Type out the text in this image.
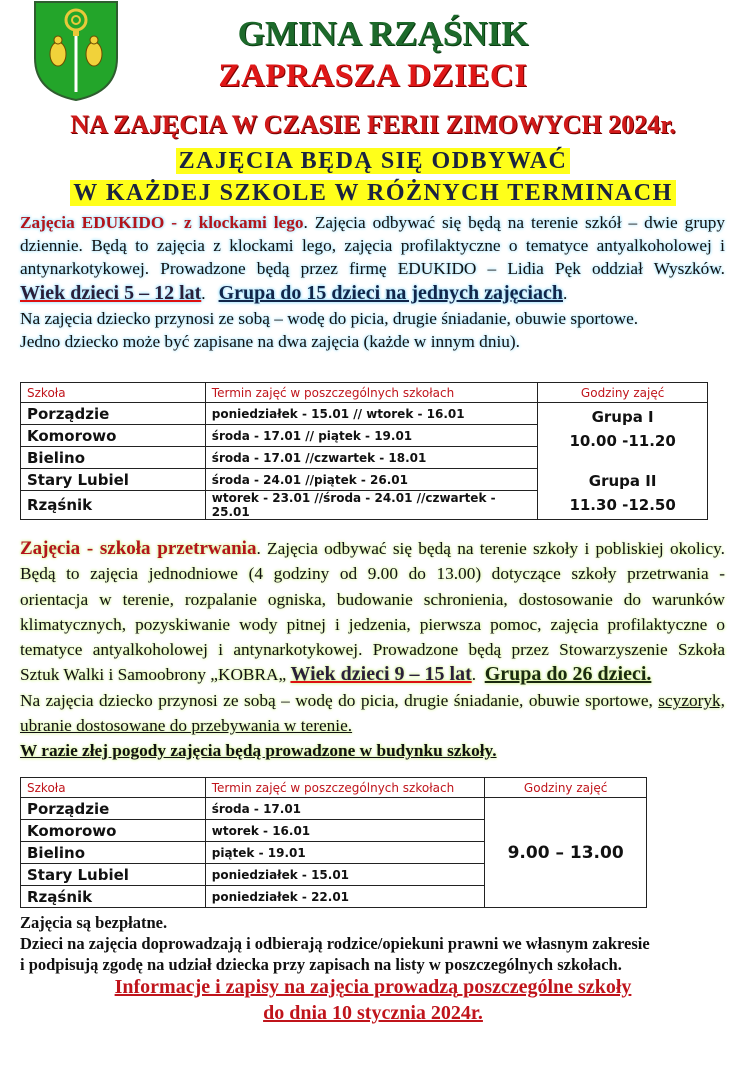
GMINA RZĄŚNIK
ZAPRASZA DZIECI
NA ZAJĘCIA W CZASIE FERII ZIMOWYCH 2024r.
ZAJĘCIA BĘDĄ SIĘ ODBYWAĆ
W KAŻDEJ SZKOLE W RÓŻNYCH TERMINACH
Zajęcia EDUKIDO - z klockami lego. Zajęcia odbywać się będą na terenie szkół – dwie grupy
dziennie. Będą to zajęcia z klockami lego, zajęcia profilaktyczne o tematyce antyalkoholowej i
antynarkotykowej. Prowadzone będą przez firmę EDUKIDO – Lidia Pęk oddział Wyszków.
Wiek dzieci 5 – 12 lat.   Grupa do 15 dzieci na jednych zajęciach.
Na zajęcia dziecko przynosi ze sobą – wodę do picia, drugie śniadanie, obuwie sportowe.
Jedno dziecko może być zapisane na dwa zajęcia (każde w innym dniu).
Szkoła	Termin zajęć w poszczególnych szkołach	Godziny zajęć
Porządzie	poniedziałek - 15.01 // wtorek - 16.01	Grupa I
10.00 -11.20
Grupa II
11.30 -12.50

Komorowo	środa - 17.01 // piątek - 19.01	
Bielino	środa - 17.01 //czwartek - 18.01	
Stary Lubiel	środa - 24.01 //piątek - 26.01	
Rząśnik	wtorek - 23.01 //środa - 24.01 //czwartek - 25.01	
Zajęcia - szkoła przetrwania. Zajęcia odbywać się będą na terenie szkoły i pobliskiej okolicy.
Będą to zajęcia jednodniowe (4 godziny od 9.00 do 13.00) dotyczące szkoły przetrwania -
orientacja w terenie, rozpalanie ogniska, budowanie schronienia, dostosowanie do warunków
klimatycznych, pozyskiwanie wody pitnej i jedzenia, pierwsza pomoc, zajęcia profilaktyczne o
tematyce antyalkoholowej i antynarkotykowej. Prowadzone będą przez Stowarzyszenie Szkoła
Sztuk Walki i Samoobrony „KOBRA„ Wiek dzieci 9 – 15 lat.  Grupa do 26 dzieci.
Na zajęcia dziecko przynosi ze sobą – wodę do picia, drugie śniadanie, obuwie sportowe, scyzoryk,
ubranie dostosowane do przebywania w terenie.
W razie złej pogody zajęcia będą prowadzone w budynku szkoły.
Szkoła	Termin zajęć w poszczególnych szkołach	Godziny zajęć
Porządzie	środa - 17.01	9.00 – 13.00
Komorowo	wtorek - 16.01	
Bielino	piątek - 19.01	
Stary Lubiel	poniedziałek - 15.01	
Rząśnik	poniedziałek - 22.01	
Zajęcia są bezpłatne.
Dzieci na zajęcia doprowadzają i odbierają rodzice/opiekuni prawni we własnym zakresie
i podpisują zgodę na udział dziecka przy zapisach na listy w poszczególnych szkołach.
Informacje i zapisy na zajęcia prowadzą poszczególne szkoły
do dnia 10 stycznia 2024r.
